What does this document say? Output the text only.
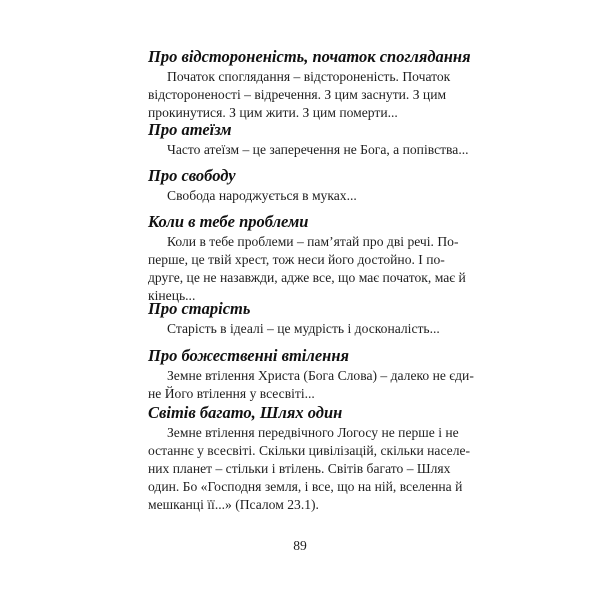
Про відстороненість, початок споглядання
Початок споглядання – відстороненість. Початок
відстороненості – відречення. З цим заснути. З цим
прокинутися. З цим жити. З цим померти...
Про атеїзм
Часто атеїзм – це заперечення не Бога, а попівства...
Про свободу
Свобода народжується в муках...
Коли в тебе проблеми
Коли в тебе проблеми – пам’ятай про дві речі. По-
перше, це твій хрест, тож неси його достойно. І по-
друге, це не назавжди, адже все, що має початок, має й
кінець...
Про старість
Старість в ідеалі – це мудрість і досконалість...
Про божественні втілення
Земне втілення Христа (Бога Слова) – далеко не єди-
не Його втілення у всесвіті...
Світів багато, Шлях один
Земне втілення передвічного Логосу не перше і не
останнє у всесвіті. Скільки цивілізацій, скільки населе-
них планет – стільки і втілень. Світів багато – Шлях
один. Бо «Господня земля, і все, що на ній, вселенна й
мешканці її...» (Псалом 23.1).
89
